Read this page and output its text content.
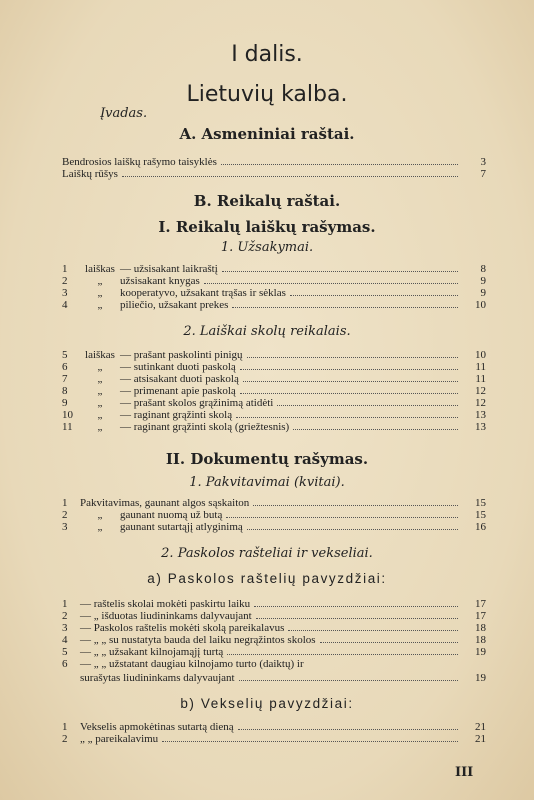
I dalis.
Lietuvių kalba.
Įvadas.
A. Asmeniniai raštai.
Bendrosios laiškų rašymo taisyklės	3
Laiškų rūšys	7
B. Reikalų raštai.
I. Reikalų laiškų rašymas.
1. Užsakymai.
1	laiškas — užsisakant laikraštį	8
2	„	užsisakant knygas	9
3	„	kooperatyvo, užsakant trąšas ir sėklas	9
4	„	piliečio, užsakant prekes	10
2. Laiškai skolų reikalais.
5	laiškas — prašant paskolinti pinigų	10
6	„	— sutinkant duoti paskolą	11
7	„	— atsisakant duoti paskolą	11
8	„	— primenant apie paskolą	12
9	„	— prašant skolos grąžinimą atidėti	12
10	„	— raginant grąžinti skolą	13
11	„	— raginant grąžinti skolą (griežtesnis)	13
II. Dokumentų rašymas.
1. Pakvitavimai (kvitai).
1	Pakvitavimas, gaunant algos sąskaiton	15
2	„	gaunant nuomą už butą	15
3	„	gaunant sutartąjį atlyginimą	16
2. Paskolos rašteliai ir vekseliai.
a) Paskolos raštelių pavyzdžiai:
1	— raštelis skolai mokėti paskirtu laiku	17
2	— „ išduotas liudininkams dalyvaujant	17
3	— Paskolos raštelis mokėti skolą pareikalavus	18
4	— „ „ su nustatyta bauda del laiku negrąžintos skolos	18
5	— „ „ užsakant kilnojamąjį turtą	19
6	— „ „ užstatant daugiau kilnojamo turto (daiktų) ir
surašytas liudininkams dalyvaujant	19
b) Vekselių pavyzdžiai:
1	Vekselis apmokėtinas sutartą dieną	21
2	„ „ pareikalavimu	21
III
